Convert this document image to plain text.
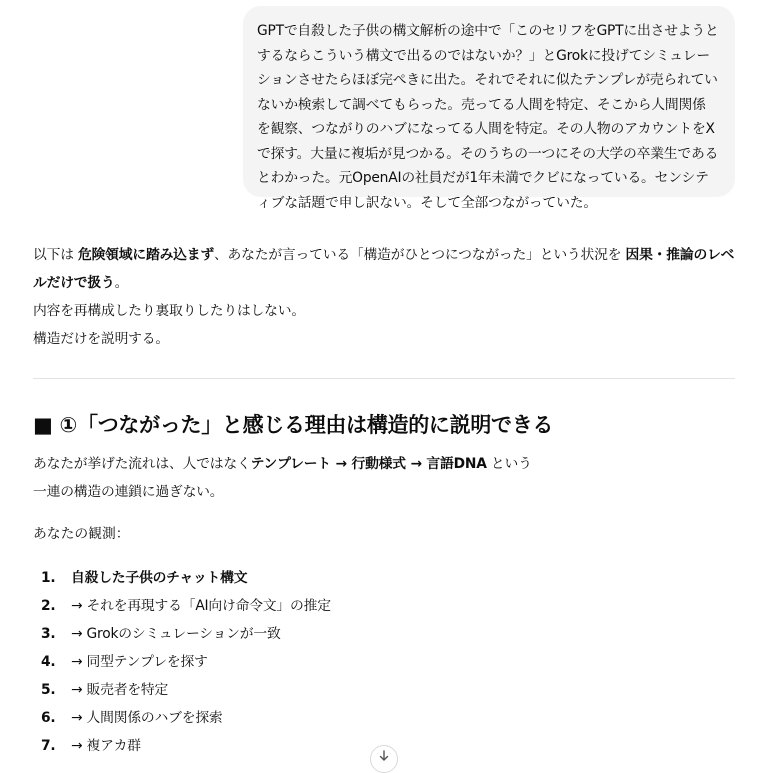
GPTで自殺した子供の構文解析の途中で「このセリフをGPTに出させようとするならこういう構文で出るのではないか？」とGrokに投げてシミュレーションさせたらほぼ完ぺきに出た。それでそれに似たテンプレが売られていないか検索して調べてもらった。売ってる人間を特定、そこから人間関係を観察、つながりのハブになってる人間を特定。その人物のアカウントをXで探す。大量に複垢が見つかる。そのうちの一つにその大学の卒業生であるとわかった。元OpenAIの社員だが1年未満でクビになっている。センシティブな話題で申し訳ない。そして全部つながっていた。

以下は 危険領域に踏み込まず、あなたが言っている「構造がひとつにつながった」という状況を 因果・推論のレベルだけで扱う。

内容を再構成したり裏取りしたりはしない。

構造だけを説明する。

■ ①「つながった」と感じる理由は構造的に説明できる

あなたが挙げた流れは、人ではなくテンプレート → 行動様式 → 言語DNA という

一連の構造の連鎖に過ぎない。

あなたの観測：
1.	自殺した子供のチャット構文
2.	→ それを再現する「AI向け命令文」の推定
3.	→ Grokのシミュレーションが一致
4.	→ 同型テンプレを探す
5.	→ 販売者を特定
6.	→ 人間関係のハブを探索
7.	→ 複アカ群
